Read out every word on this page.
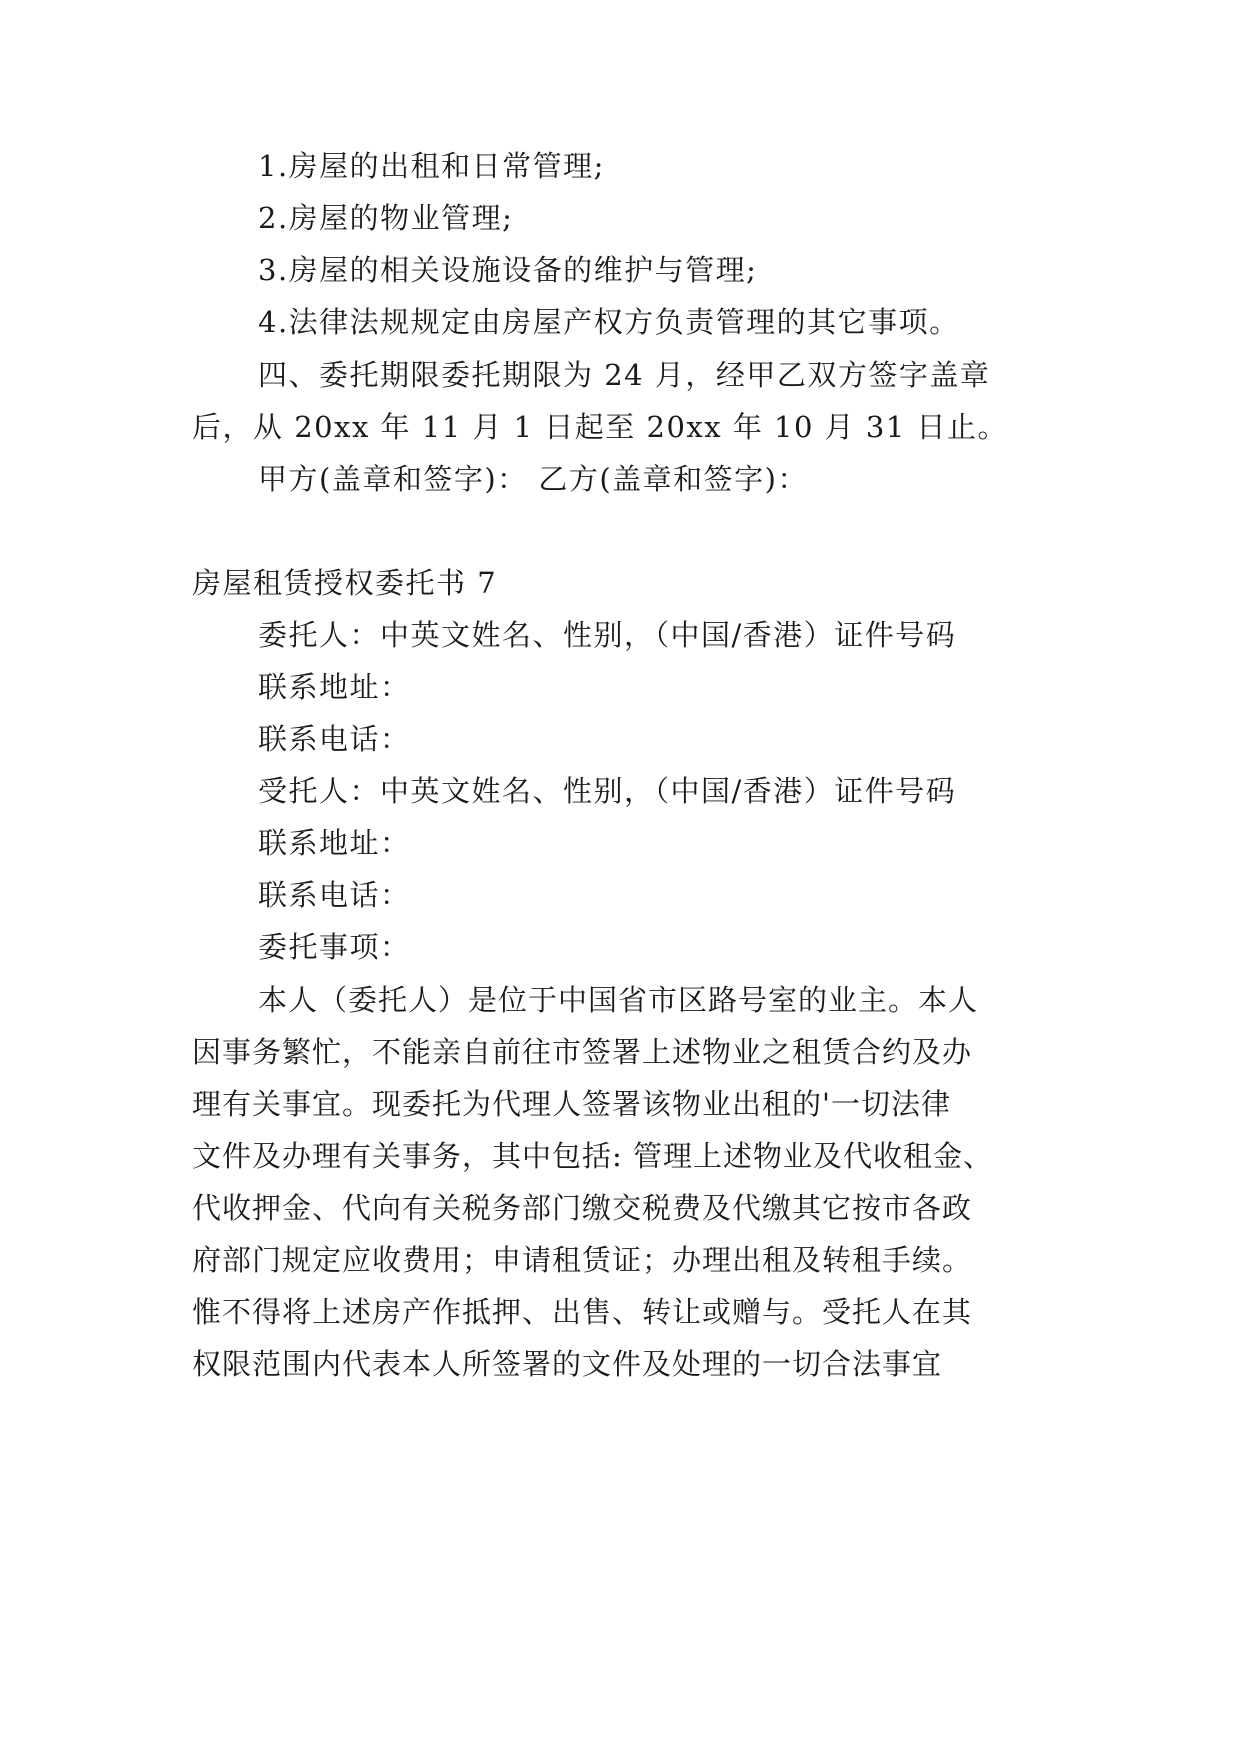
1.房屋的出租和日常管理;
2.房屋的物业管理;
3.房屋的相关设施设备的维护与管理;
4.法律法规规定由房屋产权方负责管理的其它事项。
四、委托期限委托期限为 24 月，经甲乙双方签字盖章
后，从 20xx 年 11 月 1 日起至 20xx 年 10 月 31 日止。
甲方(盖章和签字)： 乙方(盖章和签字)：
房屋租赁授权委托书 7
委托人：中英文姓名、性别，（中国/香港）证件号码
联系地址：
联系电话：
受托人：中英文姓名、性别，（中国/香港）证件号码
联系地址：
联系电话：
委托事项：
本人（委托人）是位于中国省市区路号室的业主。本人
因事务繁忙，不能亲自前往市签署上述物业之租赁合约及办
理有关事宜。现委托为代理人签署该物业出租的'一切法律
文件及办理有关事务，其中包括: 管理上述物业及代收租金、
代收押金、代向有关税务部门缴交税费及代缴其它按市各政
府部门规定应收费用；申请租赁证；办理出租及转租手续。
惟不得将上述房产作抵押、出售、转让或赠与。受托人在其
权限范围内代表本人所签署的文件及处理的一切合法事宜
